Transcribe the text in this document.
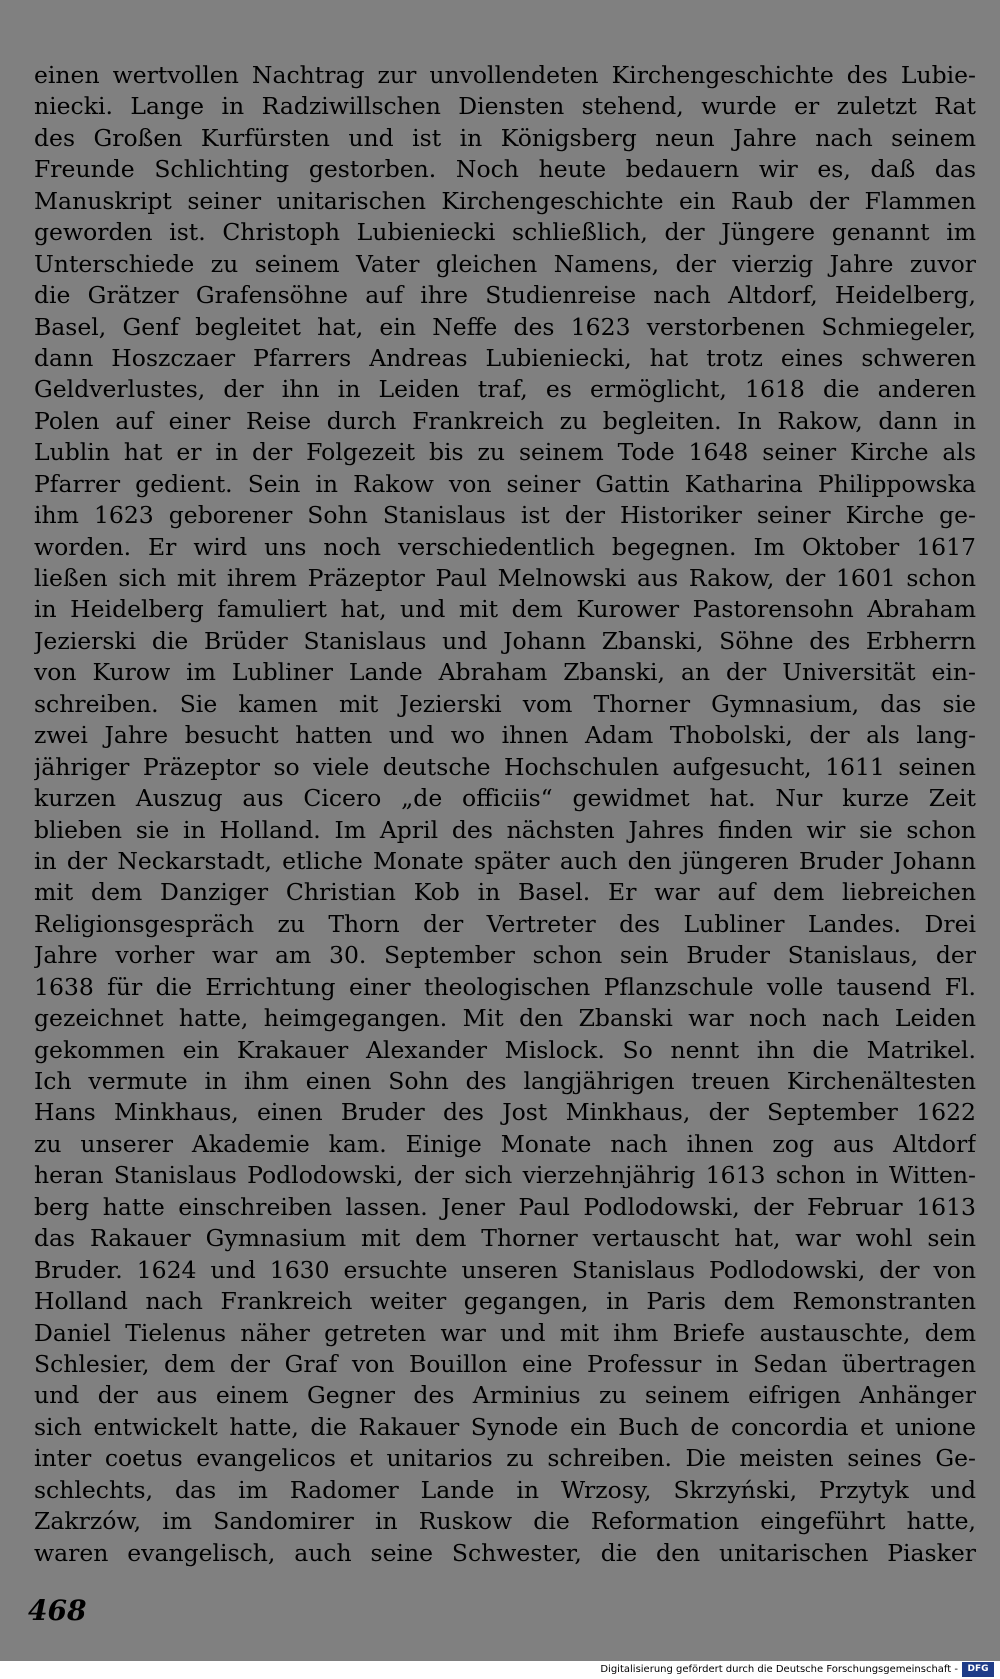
einen wertvollen Nachtrag zur unvollendeten Kirchengeschichte des Lubie-
niecki. Lange in Radziwillschen Diensten stehend, wurde er zuletzt Rat
des Großen Kurfürsten und ist in Königsberg neun Jahre nach seinem
Freunde Schlichting gestorben. Noch heute bedauern wir es, daß das
Manuskript seiner unitarischen Kirchengeschichte ein Raub der Flammen
geworden ist. Christoph Lubieniecki schließlich, der Jüngere genannt im
Unterschiede zu seinem Vater gleichen Namens, der vierzig Jahre zuvor
die Grätzer Grafensöhne auf ihre Studienreise nach Altdorf, Heidelberg,
Basel, Genf begleitet hat, ein Neffe des 1623 verstorbenen Schmiegeler,
dann Hoszczaer Pfarrers Andreas Lubieniecki, hat trotz eines schweren
Geldverlustes, der ihn in Leiden traf, es ermöglicht, 1618 die anderen
Polen auf einer Reise durch Frankreich zu begleiten. In Rakow, dann in
Lublin hat er in der Folgezeit bis zu seinem Tode 1648 seiner Kirche als
Pfarrer gedient. Sein in Rakow von seiner Gattin Katharina Philippowska
ihm 1623 geborener Sohn Stanislaus ist der Historiker seiner Kirche ge-
worden. Er wird uns noch verschiedentlich begegnen. Im Oktober 1617
ließen sich mit ihrem Präzeptor Paul Melnowski aus Rakow, der 1601 schon
in Heidelberg famuliert hat, und mit dem Kurower Pastorensohn Abraham
Jezierski die Brüder Stanislaus und Johann Zbanski, Söhne des Erbherrn
von Kurow im Lubliner Lande Abraham Zbanski, an der Universität ein-
schreiben. Sie kamen mit Jezierski vom Thorner Gymnasium, das sie
zwei Jahre besucht hatten und wo ihnen Adam Thobolski, der als lang-
jähriger Präzeptor so viele deutsche Hochschulen aufgesucht, 1611 seinen
kurzen Auszug aus Cicero „de officiis“ gewidmet hat. Nur kurze Zeit
blieben sie in Holland. Im April des nächsten Jahres finden wir sie schon
in der Neckarstadt, etliche Monate später auch den jüngeren Bruder Johann
mit dem Danziger Christian Kob in Basel. Er war auf dem liebreichen
Religionsgespräch zu Thorn der Vertreter des Lubliner Landes. Drei
Jahre vorher war am 30. September schon sein Bruder Stanislaus, der
1638 für die Errichtung einer theologischen Pflanzschule volle tausend Fl.
gezeichnet hatte, heimgegangen. Mit den Zbanski war noch nach Leiden
gekommen ein Krakauer Alexander Mislock. So nennt ihn die Matrikel.
Ich vermute in ihm einen Sohn des langjährigen treuen Kirchenältesten
Hans Minkhaus, einen Bruder des Jost Minkhaus, der September 1622
zu unserer Akademie kam. Einige Monate nach ihnen zog aus Altdorf
heran Stanislaus Podlodowski, der sich vierzehnjährig 1613 schon in Witten-
berg hatte einschreiben lassen. Jener Paul Podlodowski, der Februar 1613
das Rakauer Gymnasium mit dem Thorner vertauscht hat, war wohl sein
Bruder. 1624 und 1630 ersuchte unseren Stanislaus Podlodowski, der von
Holland nach Frankreich weiter gegangen, in Paris dem Remonstranten
Daniel Tielenus näher getreten war und mit ihm Briefe austauschte, dem
Schlesier, dem der Graf von Bouillon eine Professur in Sedan übertragen
und der aus einem Gegner des Arminius zu seinem eifrigen Anhänger
sich entwickelt hatte, die Rakauer Synode ein Buch de concordia et unione
inter coetus evangelicos et unitarios zu schreiben. Die meisten seines Ge-
schlechts, das im Radomer Lande in Wrzosy, Skrzyński, Przytyk und
Zakrzów, im Sandomirer in Ruskow die Reformation eingeführt hatte,
waren evangelisch, auch seine Schwester, die den unitarischen Piasker

468

Digitalisierung gefördert durch die Deutsche Forschungsgemeinschaft -	DFG
